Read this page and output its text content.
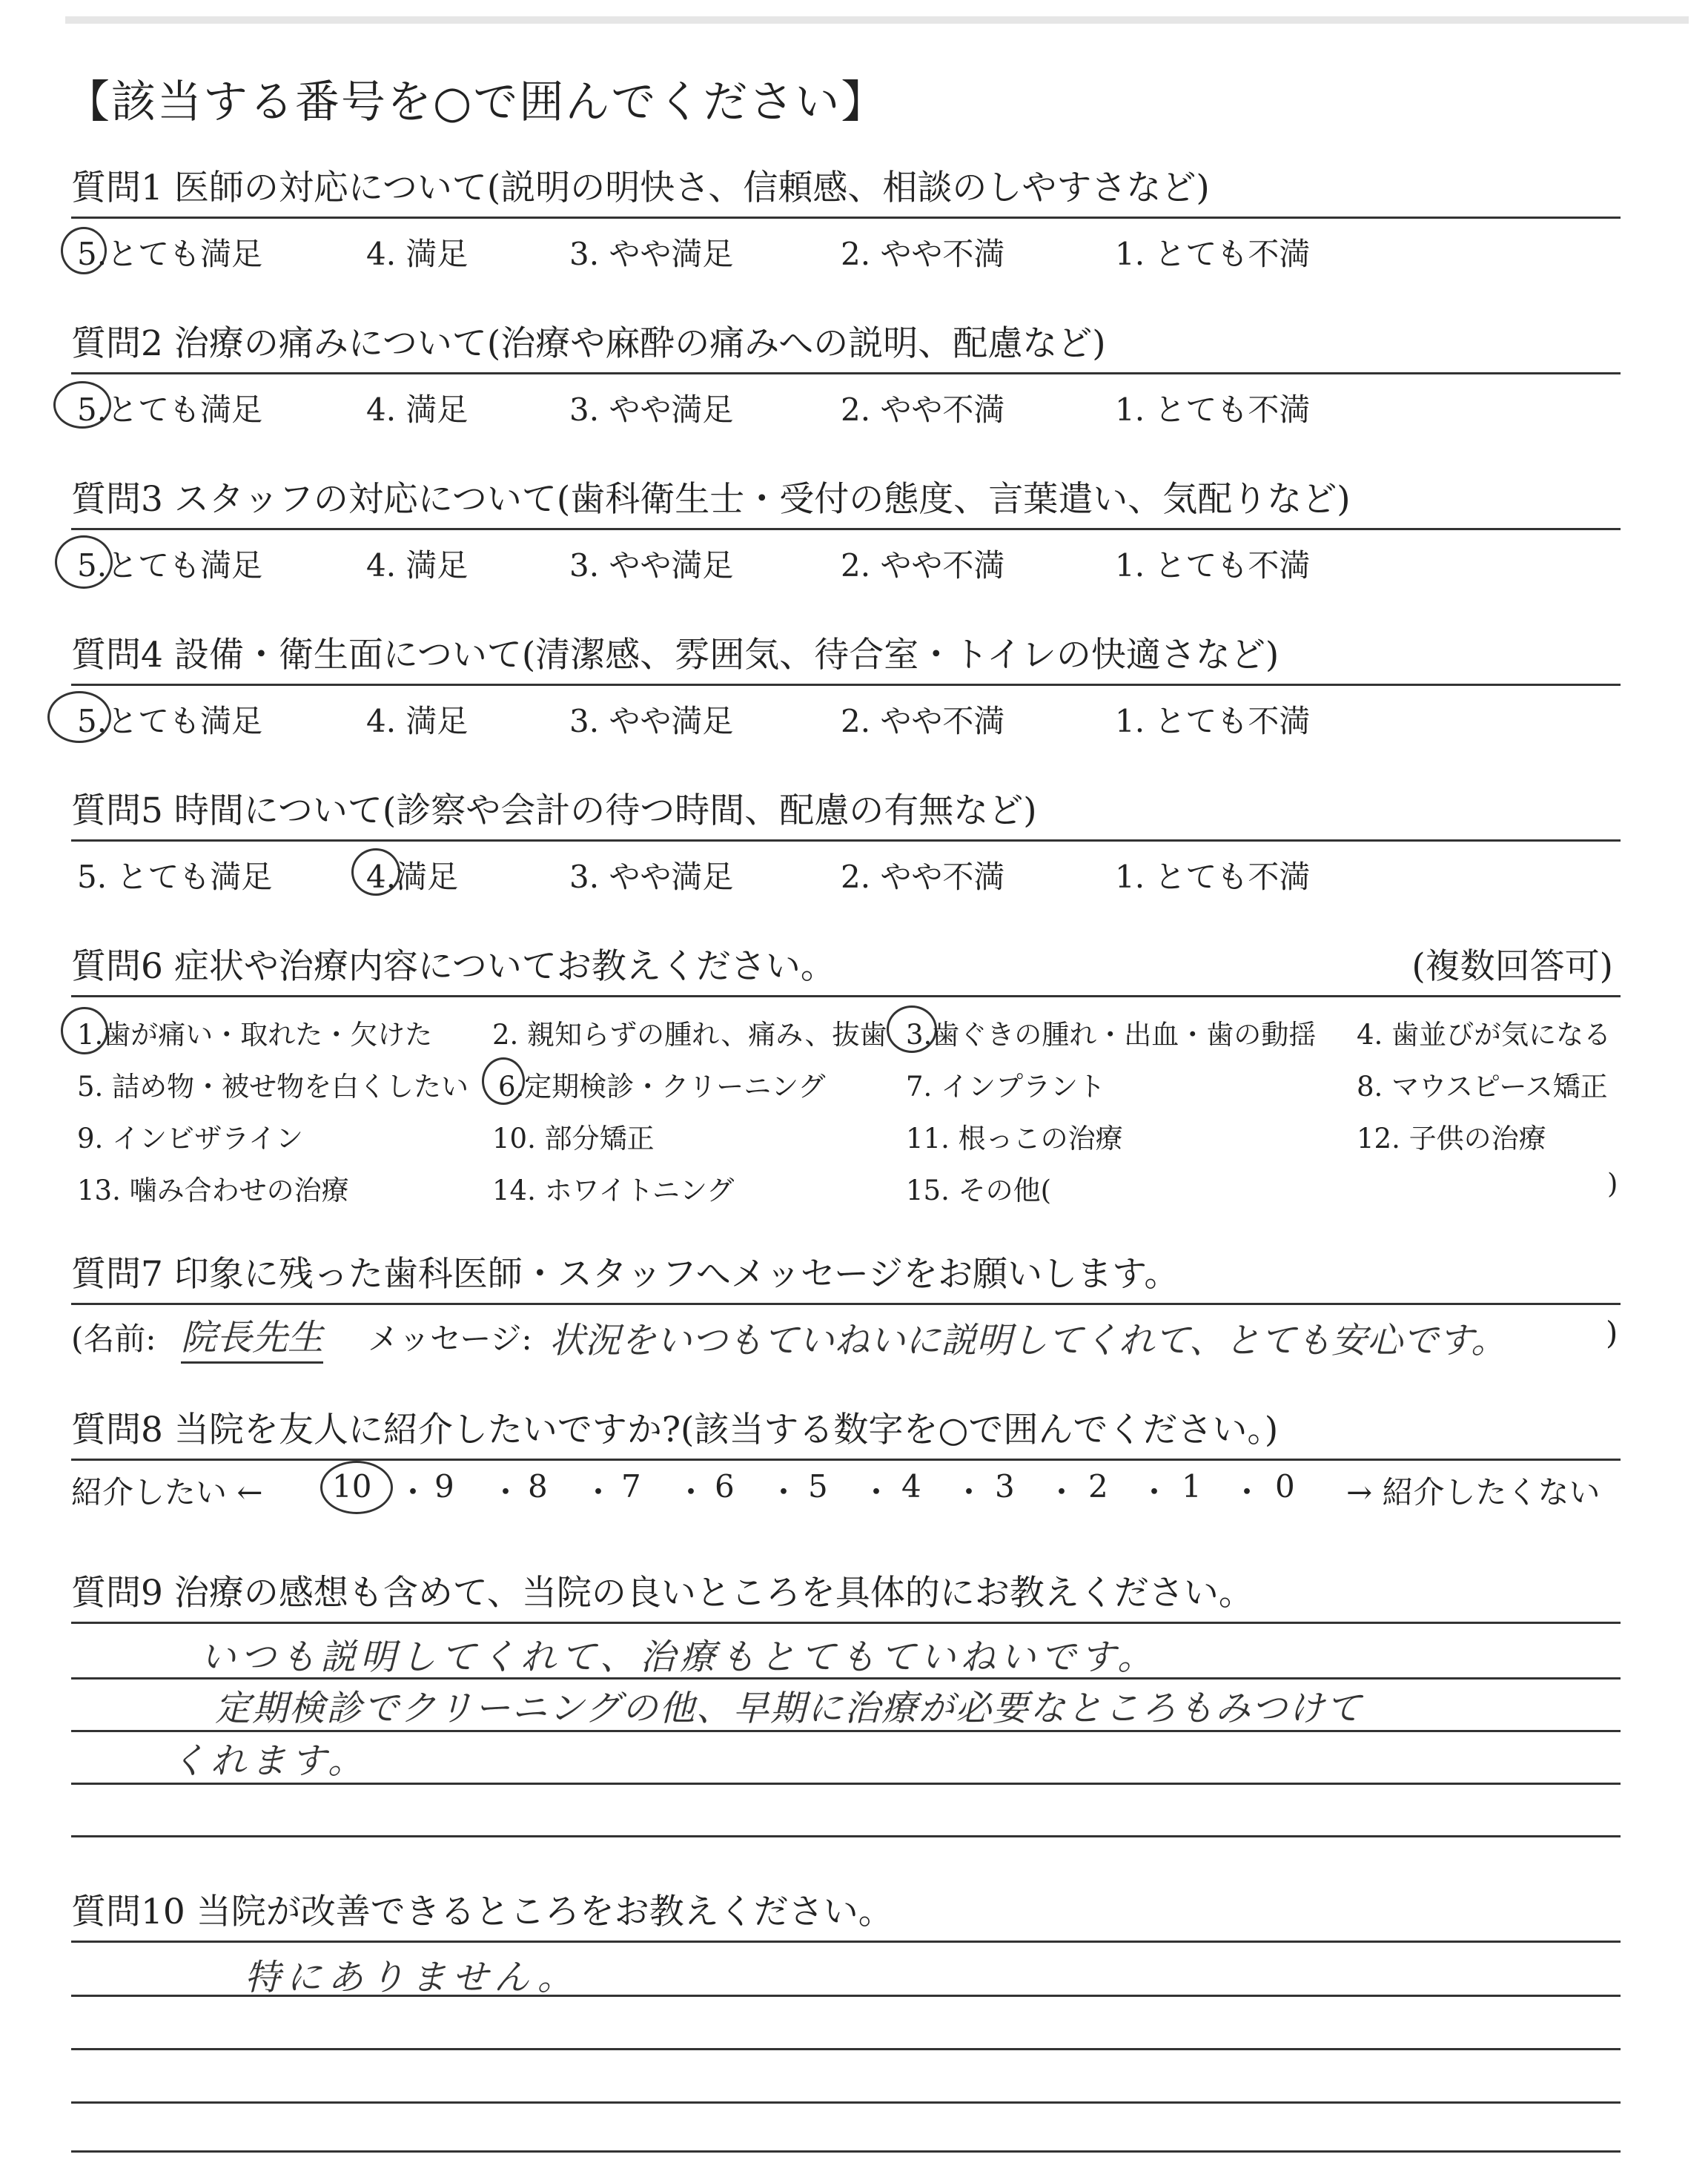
【該当する番号を○で囲んでください】
質問1 医師の対応について(説明の明快さ、信頼感、相談のしやすさなど)
5.とても満足	4. 満足	3. やや満足	2. やや不満	1. とても不満
質問2 治療の痛みについて(治療や麻酔の痛みへの説明、配慮など)
5.とても満足	4. 満足	3. やや満足	2. やや不満	1. とても不満
質問3 スタッフの対応について(歯科衛生士・受付の態度、言葉遣い、気配りなど)
5.とても満足	4. 満足	3. やや満足	2. やや不満	1. とても不満
質問4 設備・衛生面について(清潔感、雰囲気、待合室・トイレの快適さなど)
5.とても満足	4. 満足	3. やや満足	2. やや不満	1. とても不満
質問5 時間について(診察や会計の待つ時間、配慮の有無など)
5. とても満足	4.満足	3. やや満足	2. やや不満	1. とても不満
質問6 症状や治療内容についてお教えください。	(複数回答可)
1.歯が痛い・取れた・欠けた 2. 親知らずの腫れ、痛み、抜歯 3.歯ぐきの腫れ・出血・歯の動揺 4. 歯並びが気になる
5. 詰め物・被せ物を白くしたい 6.定期検診・クリーニング	7. インプラント	8. マウスピース矯正
9. インビザライン	10. 部分矯正	11. 根っこの治療	12. 子供の治療
13. 噛み合わせの治療	14. ホワイトニング	15. その他(	)
質問7 印象に残った歯科医師・スタッフへメッセージをお願いします。
(名前: 院長先生 メッセージ: 状況をいつもていねいに説明してくれて、とても安心です。	)
質問8 当院を友人に紹介したいですか?(該当する数字を○で囲んでください。)
紹介したい ← 10 ・ 9 ・ 8 ・ 7 ・ 6 ・ 5 ・ 4 ・ 3 ・ 2 ・ 1 ・ 0 → 紹介したくない
質問9 治療の感想も含めて、当院の良いところを具体的にお教えください。
いつも説明してくれて、治療もとてもていねいです。
定期検診でクリーニングの他、早期に治療が必要なところもみつけて
くれます。
質問10 当院が改善できるところをお教えください。
特にありません。
